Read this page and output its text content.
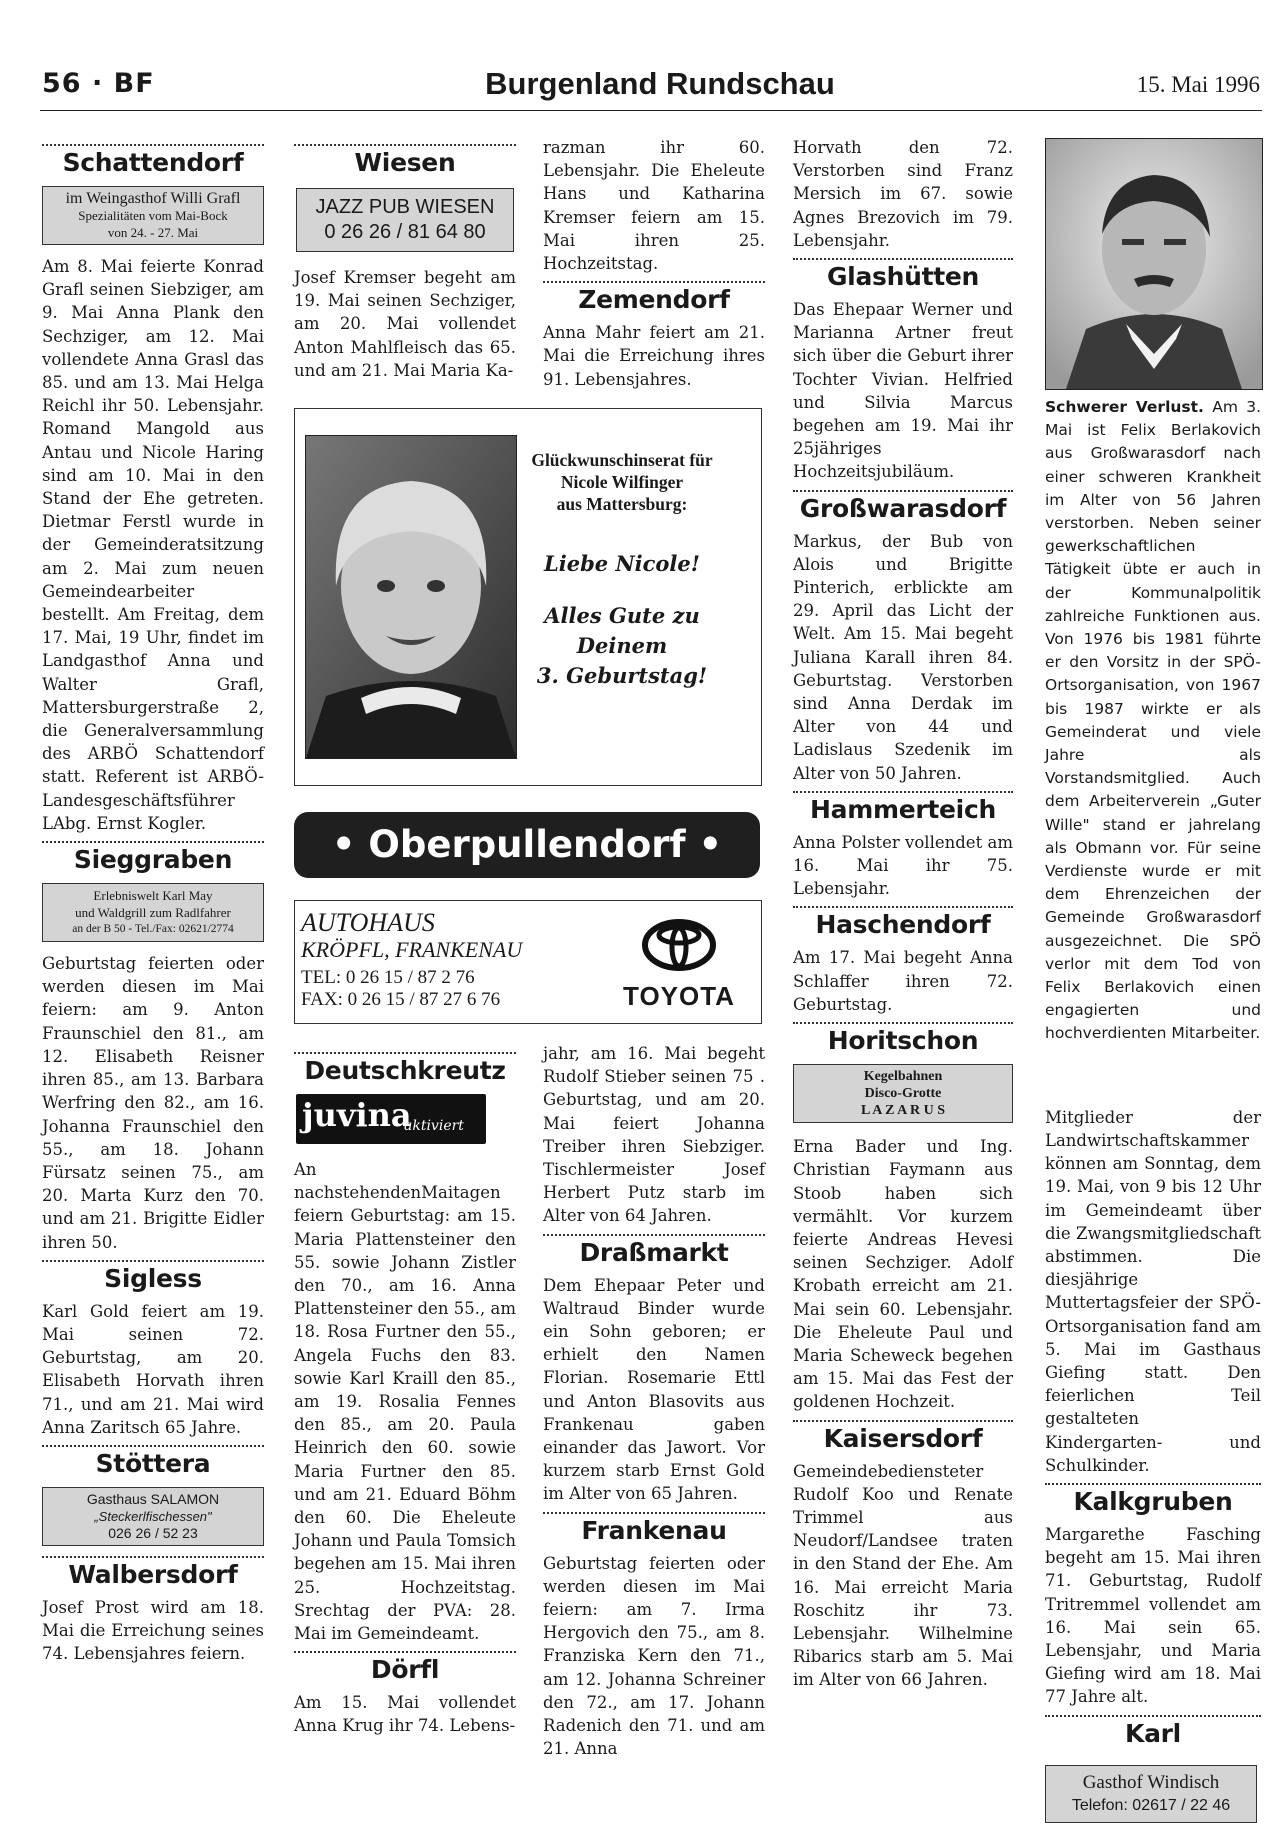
56 · BF	Burgenland Rundschau	15. Mai 1996
Schattendorf
im Weingasthof Willi Grafl
Spezialitäten vom Mai-Bock
von 24. - 27. Mai

Am 8. Mai feierte Konrad Grafl seinen Siebziger, am 9. Mai Anna Plank den Sechziger, am 12. Mai vollendete Anna Grasl das 85. und am 13. Mai Helga Reichl ihr 50. Lebensjahr. Romand Mangold aus Antau und Nicole Haring sind am 10. Mai in den Stand der Ehe getreten. Dietmar Ferstl wurde in der Gemeinderatsitzung am 2. Mai zum neuen Gemeindearbeiter bestellt. Am Freitag, dem 17. Mai, 19 Uhr, findet im Landgasthof Anna und Walter Grafl, Mattersburgerstraße 2, die Generalversammlung des ARBÖ Schattendorf statt. Referent ist ARBÖ-Landesgeschäftsführer LAbg. Ernst Kogler.

Sieggraben
Erlebniswelt Karl May
und Waldgrill zum Radlfahrer
an der B 50 - Tel./Fax: 02621/2774

Geburtstag feierten oder werden diesen im Mai feiern: am 9. Anton Fraunschiel den 81., am 12. Elisabeth Reisner ihren 85., am 13. Barbara Werfring den 82., am 16. Johanna Fraunschiel den 55., am 18. Johann Fürsatz seinen 75., am 20. Marta Kurz den 70. und am 21. Brigitte Eidler ihren 50.

Sigless

Karl Gold feiert am 19. Mai seinen 72. Geburtstag, am 20. Elisabeth Horvath ihren 71., und am 21. Mai wird Anna Zaritsch 65 Jahre.

Stöttera
Gasthaus SALAMON
„Steckerlfischessen"
026 26 / 52 23
Walbersdorf

Josef Prost wird am 18. Mai die Erreichung seines 74. Lebensjahres feiern.

Wiesen
JAZZ PUB WIESEN
0 26 26 / 81 64 80

Josef Kremser begeht am 19. Mai seinen Sechziger, am 20. Mai vollendet Anton Mahlfleisch das 65. und am 21. Mai Maria Ka-

razman ihr 60. Lebensjahr. Die Eheleute Hans und Katharina Kremser feiern am 15. Mai ihren 25. Hochzeitstag.

Zemendorf

Anna Mahr feiert am 21. Mai die Erreichung ihres 91. Lebensjahres.

Horvath den 72. Verstorben sind Franz Mersich im 67. sowie Agnes Brezovich im 79. Lebensjahr.

Glashütten

Das Ehepaar Werner und Marianna Artner freut sich über die Geburt ihrer Tochter Vivian. Helfried und Silvia Marcus begehen am 19. Mai ihr 25jähriges Hochzeitsjubiläum.

Großwarasdorf

Markus, der Bub von Alois und Brigitte Pinterich, erblickte am 29. April das Licht der Welt. Am 15. Mai begeht Juliana Karall ihren 84. Geburtstag. Verstorben sind Anna Derdak im Alter von 44 und Ladislaus Szedenik im Alter von 50 Jahren.

Hammerteich

Anna Polster vollendet am 16. Mai ihr 75. Lebensjahr.

Haschendorf

Am 17. Mai begeht Anna Schlaffer ihren 72. Geburtstag.

Horitschon
Kegelbahnen
Disco-Grotte
L A Z A R U S

Erna Bader und Ing. Christian Faymann aus Stoob haben sich vermählt. Vor kurzem feierte Andreas Hevesi seinen Sechziger. Adolf Krobath erreicht am 21. Mai sein 60. Lebensjahr. Die Eheleute Paul und Maria Scheweck begehen am 15. Mai das Fest der goldenen Hochzeit.

Kaisersdorf

Gemeindebediensteter Rudolf Koo und Renate Trimmel aus Neudorf/Landsee traten in den Stand der Ehe. Am 16. Mai erreicht Maria Roschitz ihr 73. Lebensjahr. Wilhelmine Ribarics starb am 5. Mai im Alter von 66 Jahren.

Schwerer Verlust. Am 3. Mai ist Felix Berlakovich aus Großwarasdorf nach einer schweren Krankheit im Alter von 56 Jahren verstorben. Neben seiner gewerkschaftlichen Tätigkeit übte er auch in der Kommunalpolitik zahlreiche Funktionen aus. Von 1976 bis 1981 führte er den Vorsitz in der SPÖ-Ortsorganisation, von 1967 bis 1987 wirkte er als Gemeinderat und viele Jahre als Vorstandsmitglied. Auch dem Arbeiterverein „Guter Wille" stand er jahrelang als Obmann vor. Für seine Verdienste wurde er mit dem Ehrenzeichen der Gemeinde Großwarasdorf ausgezeichnet. Die SPÖ verlor mit dem Tod von Felix Berlakovich einen engagierten und hochverdienten Mitarbeiter.

Mitglieder der Landwirtschaftskammer können am Sonntag, dem 19. Mai, von 9 bis 12 Uhr im Gemeindeamt über die Zwangsmitgliedschaft abstimmen. Die diesjährige Muttertagsfeier der SPÖ-Ortsorganisation fand am 5. Mai im Gasthaus Giefing statt. Den feierlichen Teil gestalteten Kindergarten- und Schulkinder.

Kalkgruben

Margarethe Fasching begeht am 15. Mai ihren 71. Geburtstag, Rudolf Tritremmel vollendet am 16. Mai sein 65. Lebensjahr, und Maria Giefing wird am 18. Mai 77 Jahre alt.

Karl
Gasthof Windisch
Telefon: 02617 / 22 46
Glückwunschinserat für
Nicole Wilfinger
aus Mattersburg:
Liebe Nicole!
Alles Gute zu
Deinem
3. Geburtstag!
• Oberpullendorf •
AUTOHAUS
KRÖPFL, FRANKENAU
TEL: 0 26 15 / 87 2 76
FAX: 0 26 15 / 87 27 6 76	TOYOTA
Deutschkreutz
juvina
aktiviert

An nachstehendenMaitagen feiern Geburtstag: am 15. Maria Plattensteiner den 55. sowie Johann Zistler den 70., am 16. Anna Plattensteiner den 55., am 18. Rosa Furtner den 55., Angela Fuchs den 83. sowie Karl Kraill den 85., am 19. Rosalia Fennes den 85., am 20. Paula Heinrich den 60. sowie Maria Furtner den 85. und am 21. Eduard Böhm den 60. Die Eheleute Johann und Paula Tomsich begehen am 15. Mai ihren 25. Hochzeitstag. Srechtag der PVA: 28. Mai im Gemeindeamt.

Dörfl

Am 15. Mai vollendet Anna Krug ihr 74. Lebens-

jahr, am 16. Mai begeht Rudolf Stieber seinen 75 . Geburtstag, und am 20. Mai feiert Johanna Treiber ihren Siebziger. Tischlermeister Josef Herbert Putz starb im Alter von 64 Jahren.

Draßmarkt

Dem Ehepaar Peter und Waltraud Binder wurde ein Sohn geboren; er erhielt den Namen Florian. Rosemarie Ettl und Anton Blasovits aus Frankenau gaben einander das Jawort. Vor kurzem starb Ernst Gold im Alter von 65 Jahren.

Frankenau

Geburtstag feierten oder werden diesen im Mai feiern: am 7. Irma Hergovich den 75., am 8. Franziska Kern den 71., am 12. Johanna Schreiner den 72., am 17. Johann Radenich den 71. und am 21. Anna
